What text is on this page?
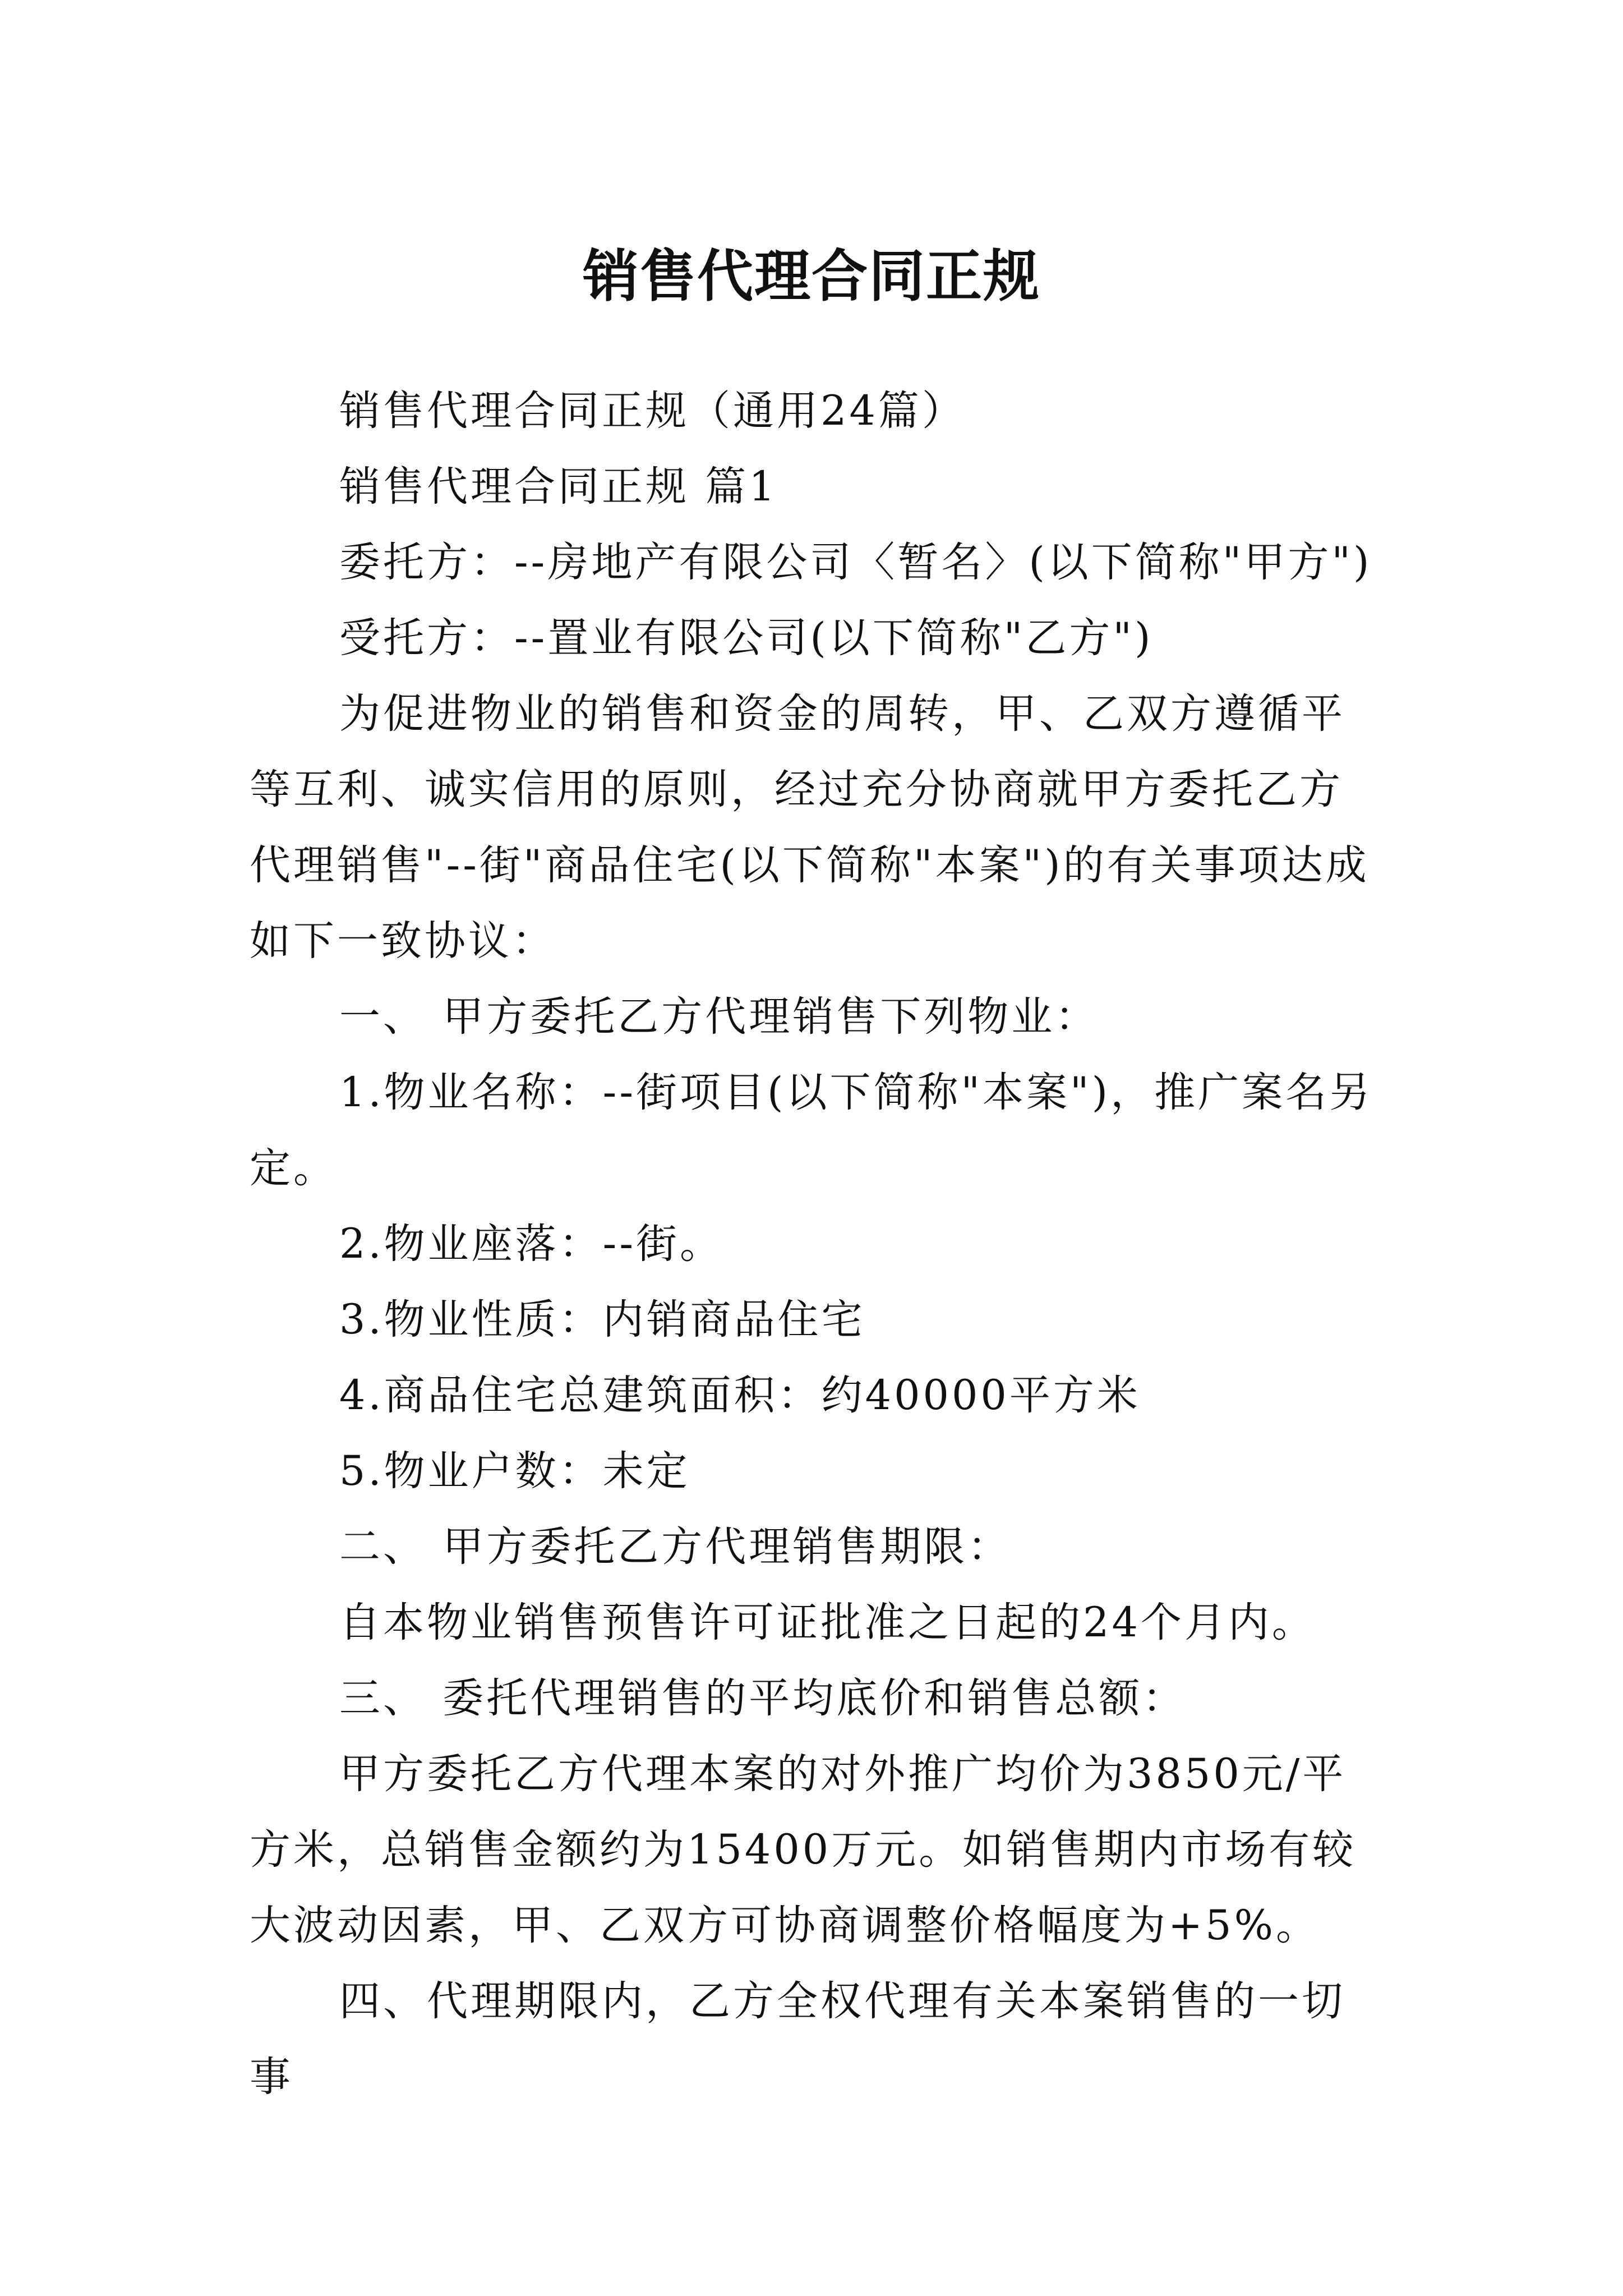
销售代理合同正规

销售代理合同正规（通用24篇）

销售代理合同正规 篇1

委托方：--房地产有限公司〈暂名〉(以下简称"甲方")

受托方：--置业有限公司(以下简称"乙方")

为促进物业的销售和资金的周转，甲、乙双方遵循平等互利、诚实信用的原则，经过充分协商就甲方委托乙方代理销售"--街"商品住宅(以下简称"本案")的有关事项达成如下一致协议：

一、 甲方委托乙方代理销售下列物业：

1.物业名称：--街项目(以下简称"本案")，推广案名另定。

2.物业座落：--街。

3.物业性质：内销商品住宅

4.商品住宅总建筑面积：约40000平方米

5.物业户数：未定

二、 甲方委托乙方代理销售期限：

自本物业销售预售许可证批准之日起的24个月内。

三、 委托代理销售的平均底价和销售总额：

甲方委托乙方代理本案的对外推广均价为3850元/平方米，总销售金额约为15400万元。如销售期内市场有较大波动因素，甲、乙双方可协商调整价格幅度为+5%。

四、代理期限内，乙方全权代理有关本案销售的一切事
